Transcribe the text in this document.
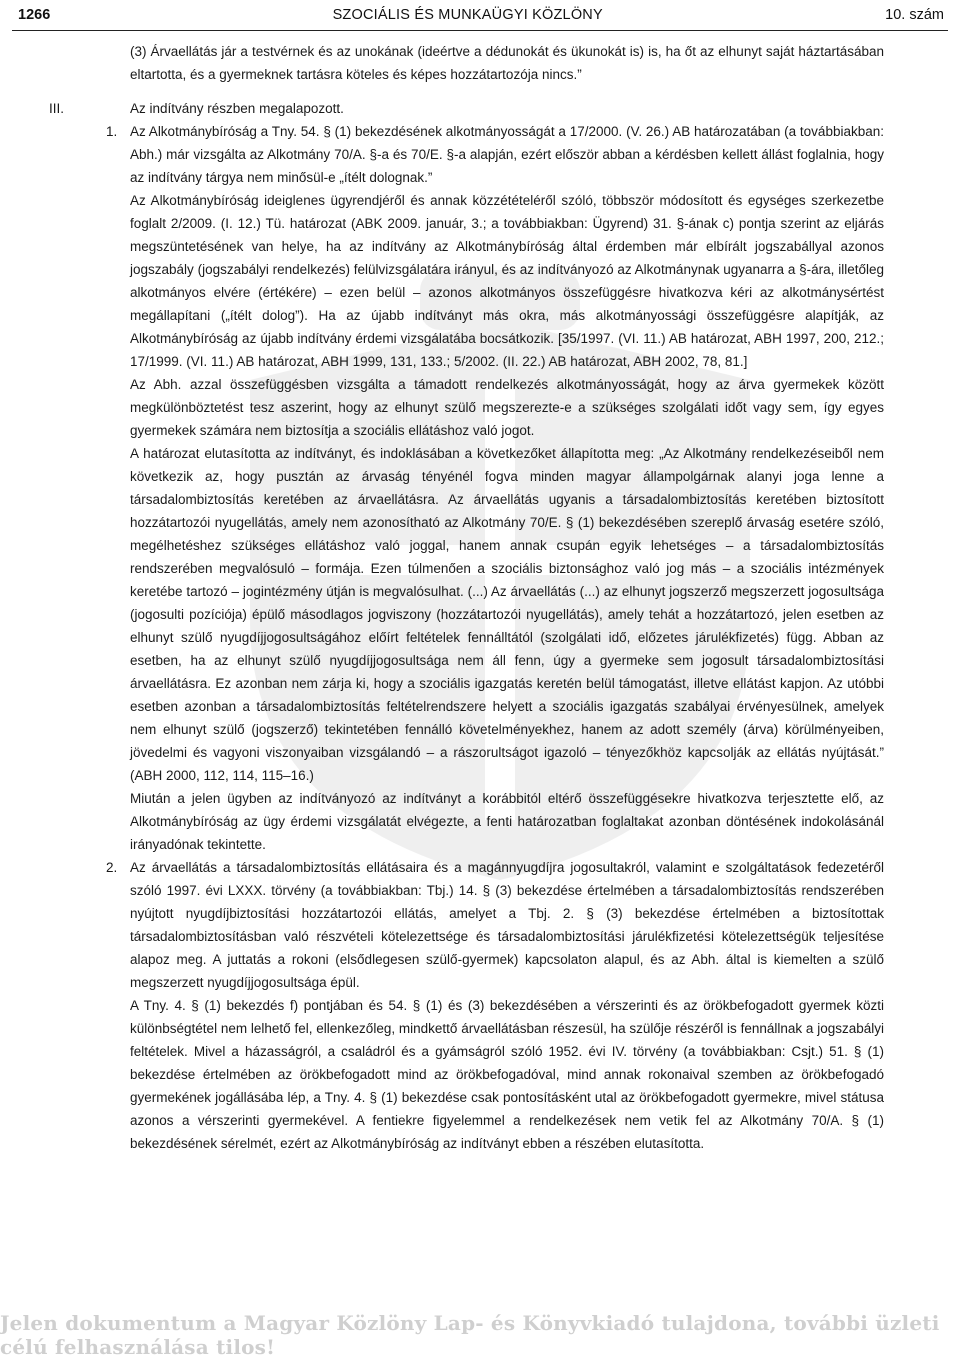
1266	SZOCIÁLIS ÉS MUNKAÜGYI KÖZLÖNY	10. szám

(3) Árvaellátás jár a testvérnek és az unokának (ideértve a dédunokát és ükunokát is) is, ha őt az elhunyt saját háztartásában eltartotta, és a gyermeknek tartásra köteles és képes hozzátartozója nincs.”

III.	Az indítvány részben megalapozott.

1. Az Alkotmánybíróság a Tny. 54. § (1) bekezdésének alkotmányosságát a 17/2000. (V. 26.) AB határozatában (a továbbiakban: Abh.) már vizsgálta az Alkotmány 70/A. §-a és 70/E. §-a alapján, ezért először abban a kérdésben kellett állást foglalnia, hogy az indítvány tárgya nem minősül-e „ítélt dolognak.”

Az Alkotmánybíróság ideiglenes ügyrendjéről és annak közzétételéről szóló, többször módosított és egységes szerkezetbe foglalt 2/2009. (I. 12.) Tü. határozat (ABK 2009. január, 3.; a továbbiakban: Ügyrend) 31. §-ának c) pontja szerint az eljárás megszüntetésének van helye, ha az indítvány az Alkotmánybíróság által érdemben már elbírált jogszabállyal azonos jogszabály (jogszabályi rendelkezés) felülvizsgálatára irányul, és az indítványozó az Alkotmánynak ugyanarra a §-ára, illetőleg alkotmányos elvére (értékére) – ezen belül – azonos alkotmányos összefüggésre hivatkozva kéri az alkotmánysértést megállapítani („ítélt dolog”). Ha az újabb indítványt más okra, más alkotmányossági összefüggésre alapítják, az Alkotmánybíróság az újabb indítvány érdemi vizsgálatába bocsátkozik. [35/1997. (VI. 11.) AB határozat, ABH 1997, 200, 212.; 17/1999. (VI. 11.) AB határozat, ABH 1999, 131, 133.; 5/2002. (II. 22.) AB határozat, ABH 2002, 78, 81.]

Az Abh. azzal összefüggésben vizsgálta a támadott rendelkezés alkotmányosságát, hogy az árva gyermekek között megkülönböztetést tesz aszerint, hogy az elhunyt szülő megszerezte-e a szükséges szolgálati időt vagy sem, így egyes gyermekek számára nem biztosítja a szociális ellátáshoz való jogot.

A határozat elutasította az indítványt, és indoklásában a következőket állapította meg: „Az Alkotmány rendelkezéseiből nem következik az, hogy pusztán az árvaság tényénél fogva minden magyar állampolgárnak alanyi joga lenne a társadalombiztosítás keretében az árvaellátásra. Az árvaellátás ugyanis a társadalombiztosítás keretében biztosított hozzátartozói nyugellátás, amely nem azonosítható az Alkotmány 70/E. § (1) bekezdésében szereplő árvaság esetére szóló, megélhetéshez szükséges ellátáshoz való joggal, hanem annak csupán egyik lehetséges – a társadalombiztosítás rendszerében megvalósuló – formája. Ezen túlmenően a szociális biztonsághoz való jog más – a szociális intézmények keretébe tartozó – jogintézmény útján is megvalósulhat. (...) Az árvaellátás (...) az elhunyt jogszerző megszerzett jogosultsága (jogosulti pozíciója) épülő másodlagos jogviszony (hozzátartozói nyugellátás), amely tehát a hozzátartozó, jelen esetben az elhunyt szülő nyugdíjjogosultságához előírt feltételek fennálltától (szolgálati idő, előzetes járulékfizetés) függ. Abban az esetben, ha az elhunyt szülő nyugdíjjogosultsága nem áll fenn, úgy a gyermeke sem jogosult társadalombiztosítási árvaellátásra. Ez azonban nem zárja ki, hogy a szociális igazgatás keretén belül támogatást, illetve ellátást kapjon. Az utóbbi esetben azonban a társadalombiztosítás feltételrendszere helyett a szociális igazgatás szabályai érvényesülnek, amelyek nem elhunyt szülő (jogszerző) tekintetében fennálló követelményekhez, hanem az adott személy (árva) körülményeiben, jövedelmi és vagyoni viszonyaiban vizsgálandó – a rászorultságot igazoló – tényezőkhöz kapcsolják az ellátás nyújtását.” (ABH 2000, 112, 114, 115–16.)

Miután a jelen ügyben az indítványozó az indítványt a korábbitól eltérő összefüggésekre hivatkozva terjesztette elő, az Alkotmánybíróság az ügy érdemi vizsgálatát elvégezte, a fenti határozatban foglaltakat azonban döntésének indokolásánál irányadónak tekintette.

2. Az árvaellátás a társadalombiztosítás ellátásaira és a magánnyugdíjra jogosultakról, valamint e szolgáltatások fedezetéről szóló 1997. évi LXXX. törvény (a továbbiakban: Tbj.) 14. § (3) bekezdése értelmében a társadalombiztosítás rendszerében nyújtott nyugdíjbiztosítási hozzátartozói ellátás, amelyet a Tbj. 2. § (3) bekezdése értelmében a biztosítottak társadalombiztosításban való részvételi kötelezettsége és társadalombiztosítási járulékfizetési kötelezettségük teljesítése alapoz meg. A juttatás a rokoni (elsődlegesen szülő-gyermek) kapcsolaton alapul, és az Abh. által is kiemelten a szülő megszerzett nyugdíjjogosultsága épül.

A Tny. 4. § (1) bekezdés f) pontjában és 54. § (1) és (3) bekezdésében a vérszerinti és az örökbefogadott gyermek közti különbségtétel nem lelhető fel, ellenkezőleg, mindkettő árvaellátásban részesül, ha szülője részéről is fennállnak a jogszabályi feltételek. Mivel a házasságról, a családról és a gyámságról szóló 1952. évi IV. törvény (a továbbiakban: Csjt.) 51. § (1) bekezdése értelmében az örökbefogadott mind az örökbefogadóval, mind annak rokonaival szemben az örökbefogadó gyermekének jogállásába lép, a Tny. 4. § (1) bekezdése csak pontosításként utal az örökbefogadott gyermekre, mivel státusa azonos a vérszerinti gyermekével. A fentiekre figyelemmel a rendelkezések nem vetik fel az Alkotmány 70/A. § (1) bekezdésének sérelmét, ezért az Alkotmánybíróság az indítványt ebben a részében elutasította.

Jelen dokumentum a Magyar Közlöny Lap- és Könyvkiadó tulajdona, további üzleti célú felhasználása tilos!
